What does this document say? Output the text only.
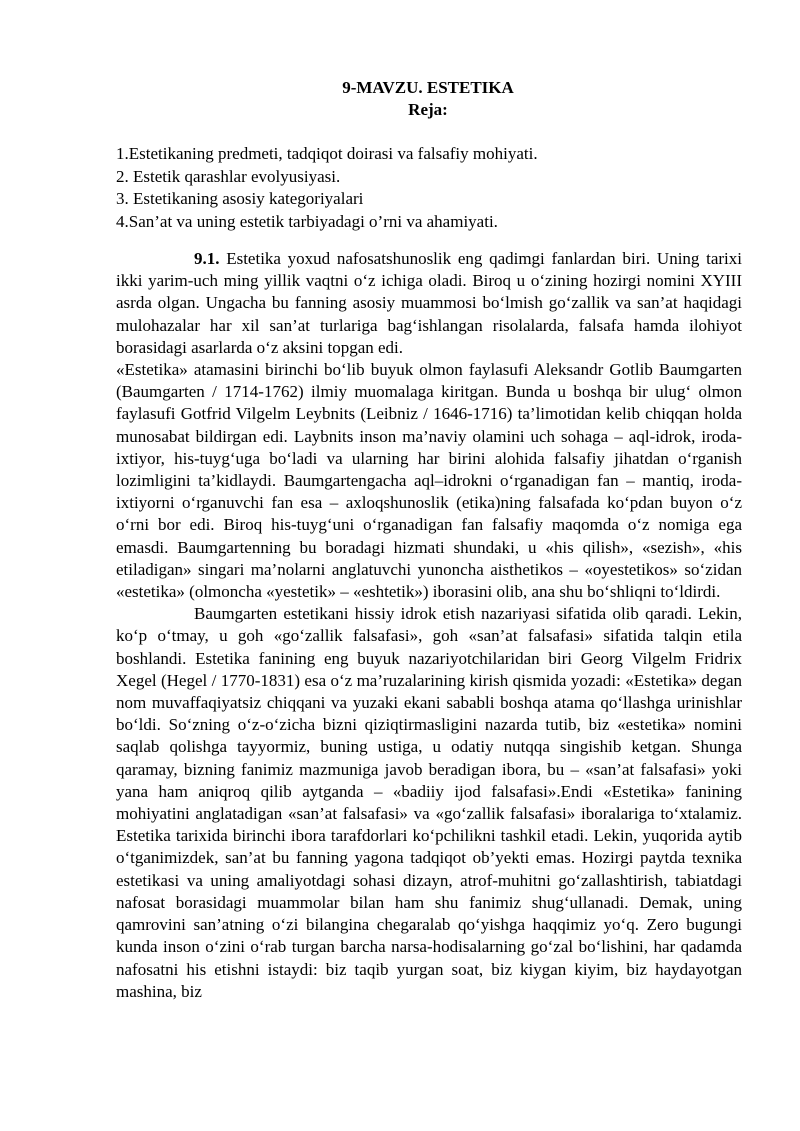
9-MAVZU. ESTETIKA
Reja:
1.Estetikaning predmeti, tadqiqot doirasi va falsafiy mohiyati.
2. Estetik qarashlar evolyusiyasi.
3. Estetikaning asosiy kategoriyalari
4.San’at va uning estetik tarbiyadagi o’rni va ahamiyati.

9.1. Estetika yoxud nafosatshunoslik eng qadimgi fanlardan biri. Uning tarixi ikki yarim-uch ming yillik vaqtni o‘z ichiga oladi. Biroq u o‘zining hozirgi nomini XYIII asrda olgan. Ungacha bu fanning asosiy muammosi bo‘lmish go‘zallik va san’at haqidagi mulohazalar har xil san’at turlariga bag‘ishlangan risolalarda, falsafa hamda ilohiyot borasidagi asarlarda o‘z aksini topgan edi.

«Estetika» atamasini birinchi bo‘lib buyuk olmon faylasufi Aleksandr Gotlib Baumgarten (Baumgarten / 1714-1762) ilmiy muomalaga kiritgan. Bunda u boshqa bir ulug‘ olmon faylasufi Gotfrid Vilgelm Leybnits (Leibniz / 1646-1716) ta’limotidan kelib chiqqan holda munosabat bildirgan edi. Laybnits inson ma’naviy olamini uch sohaga – aql-idrok, iroda-ixtiyor, his-tuyg‘uga bo‘ladi va ularning har birini alohida falsafiy jihatdan o‘rganish lozimligini ta’kidlaydi. Baumgartengacha aql–idrokni o‘rganadigan fan – mantiq, iroda-ixtiyorni o‘rganuvchi fan esa – axloqshunoslik (etika)ning falsafada ko‘pdan buyon o‘z o‘rni bor edi. Biroq his-tuyg‘uni o‘rganadigan fan falsafiy maqomda o‘z nomiga ega emasdi. Baumgartenning bu boradagi hizmati shundaki, u «his qilish», «sezish», «his etiladigan» singari ma’nolarni anglatuvchi yunoncha aisthetikos – «oyestetikos» so‘zidan «estetika» (olmoncha «yestetik» – «eshtetik») iborasini olib, ana shu bo‘shliqni to‘ldirdi.

Baumgarten estetikani hissiy idrok etish nazariyasi sifatida olib qaradi. Lekin, ko‘p o‘tmay, u goh «go‘zallik falsafasi», goh «san’at falsafasi» sifatida talqin etila boshlandi. Estetika fanining eng buyuk nazariyotchilaridan biri Georg Vilgelm Fridrix Xegel (Hegel / 1770-1831) esa o‘z ma’ruzalarining kirish qismida yozadi: «Estetika» degan nom muvaffaqiyatsiz chiqqani va yuzaki ekani sababli boshqa atama qo‘llashga urinishlar bo‘ldi. So‘zning o‘z-o‘zicha bizni qiziqtirmasligini nazarda tutib, biz «estetika» nomini saqlab qolishga tayyormiz, buning ustiga, u odatiy nutqqa singishib ketgan. Shunga qaramay, bizning fanimiz mazmuniga javob beradigan ibora, bu – «san’at falsafasi» yoki yana ham aniqroq qilib aytganda – «badiiy ijod falsafasi».Endi «Estetika» fanining mohiyatini anglatadigan «san’at falsafasi» va «go‘zallik falsafasi» iboralariga to‘xtalamiz. Estetika tarixida birinchi ibora tarafdorlari ko‘pchilikni tashkil etadi. Lekin, yuqorida aytib o‘tganimizdek, san’at bu fanning yagona tadqiqot ob’yekti emas. Hozirgi paytda texnika estetikasi va uning amaliyotdagi sohasi dizayn, atrof-muhitni go‘zallashtirish, tabiatdagi nafosat borasidagi muammolar bilan ham shu fanimiz shug‘ullanadi. Demak, uning qamrovini san’atning o‘zi bilangina chegaralab qo‘yishga haqqimiz yo‘q. Zero bugungi kunda inson o‘zini o‘rab turgan barcha narsa-hodisalarning go‘zal bo‘lishini, har qadamda nafosatni his etishni istaydi: biz taqib yurgan soat, biz kiygan kiyim, biz haydayotgan mashina, biz
